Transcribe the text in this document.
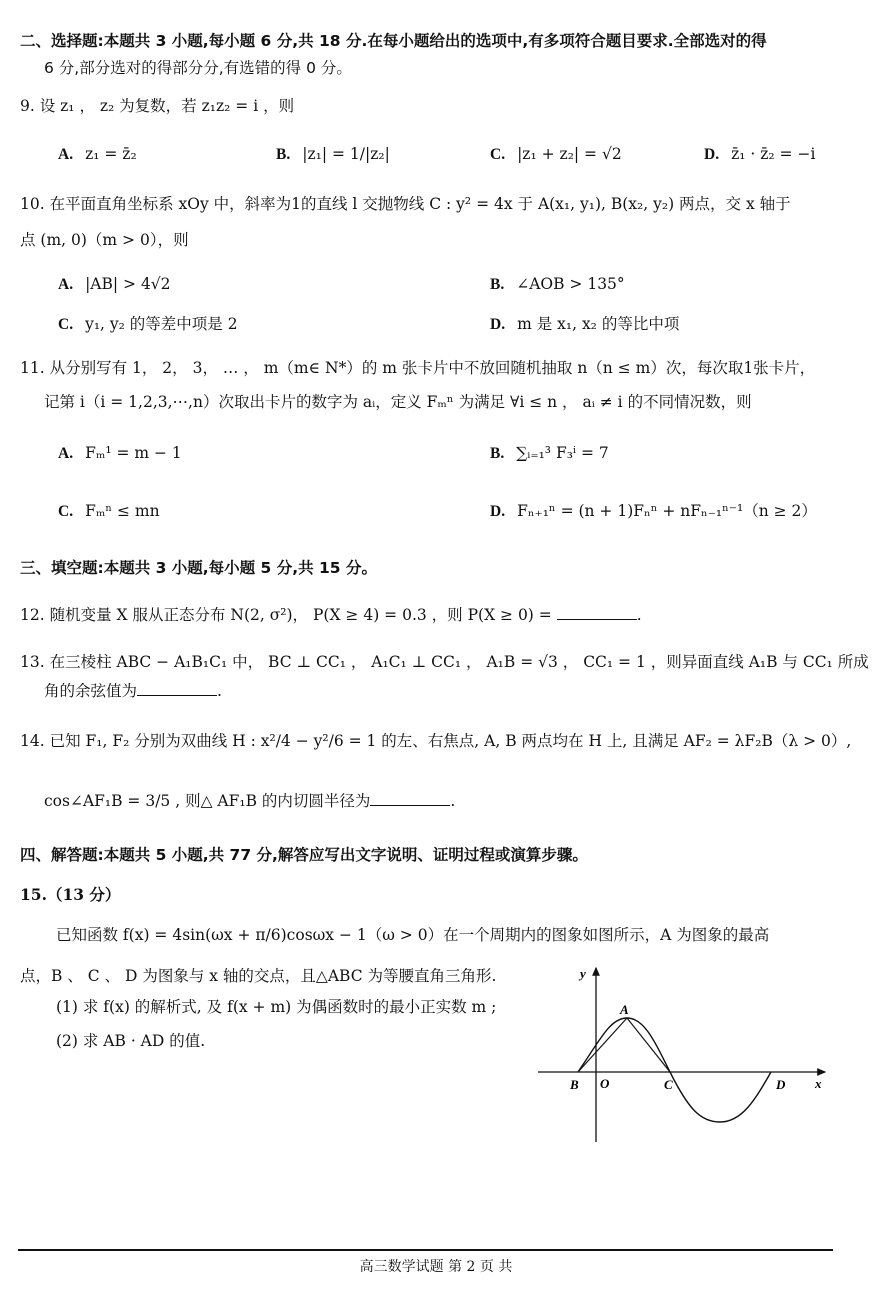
二、选择题:本题共 3 小题,每小题 6 分,共 18 分.在每小题给出的选项中,有多项符合题目要求.全部选对的得
6 分,部分选对的得部分分,有选错的得 0 分。
9. 设 z₁ ， z₂ 为复数，若 z₁z₂ = i ，则
A. z₁ = z̄₂	B. |z₁| = 1/|z₂|	C. |z₁ + z₂| = √2	D. z̄₁ · z̄₂ = −i
10. 在平面直角坐标系 xOy 中，斜率为1的直线 l 交抛物线 C : y² = 4x 于 A(x₁, y₁), B(x₂, y₂) 两点，交 x 轴于
点 (m, 0)（m > 0），则
A. |AB| > 4√2	B. ∠AOB > 135°
C. y₁, y₂ 的等差中项是 2	D. m 是 x₁, x₂ 的等比中项
11. 从分别写有 1， 2， 3， … ， m（m∈ N*）的 m 张卡片中不放回随机抽取 n（n ≤ m）次，每次取1张卡片，
记第 i（i = 1,2,3,⋯,n）次取出卡片的数字为 aᵢ，定义 Fₘⁿ 为满足 ∀i ≤ n ， aᵢ ≠ i 的不同情况数，则
A. Fₘ¹ = m − 1	B. ∑ᵢ₌₁³ F₃ⁱ = 7
C. Fₘⁿ ≤ mn	D. Fₙ₊₁ⁿ = (n + 1)Fₙⁿ + nFₙ₋₁ⁿ⁻¹（n ≥ 2）
三、填空题:本题共 3 小题,每小题 5 分,共 15 分。
12. 随机变量 X 服从正态分布 N(2, σ²)， P(X ≥ 4) = 0.3 ，则 P(X ≥ 0) =	.
13. 在三棱柱 ABC − A₁B₁C₁ 中， BC ⊥ CC₁ ， A₁C₁ ⊥ CC₁ ， A₁B = √3 ， CC₁ = 1 ，则异面直线 A₁B 与 CC₁ 所成
角的余弦值为	.
14. 已知 F₁, F₂ 分别为双曲线 H : x²/4 − y²/6 = 1 的左、右焦点, A, B 两点均在 H 上, 且满足 AF₂ = λF₂B（λ > 0）,
cos∠AF₁B = 3/5 , 则△ AF₁B 的内切圆半径为	.
四、解答题:本题共 5 小题,共 77 分,解答应写出文字说明、证明过程或演算步骤。
15.（13 分）
已知函数 f(x) = 4sin(ωx + π/6)cosωx − 1（ω > 0）在一个周期内的图象如图所示，A 为图象的最高
点，B 、 C 、 D 为图象与 x 轴的交点，且△ABC 为等腰直角三角形.
(1) 求 f(x) 的解析式, 及 f(x + m) 为偶函数时的最小正实数 m ;
(2) 求 AB · AD 的值.
y
x
A
B O	C	D
高三数学试题 第 2 页 共
